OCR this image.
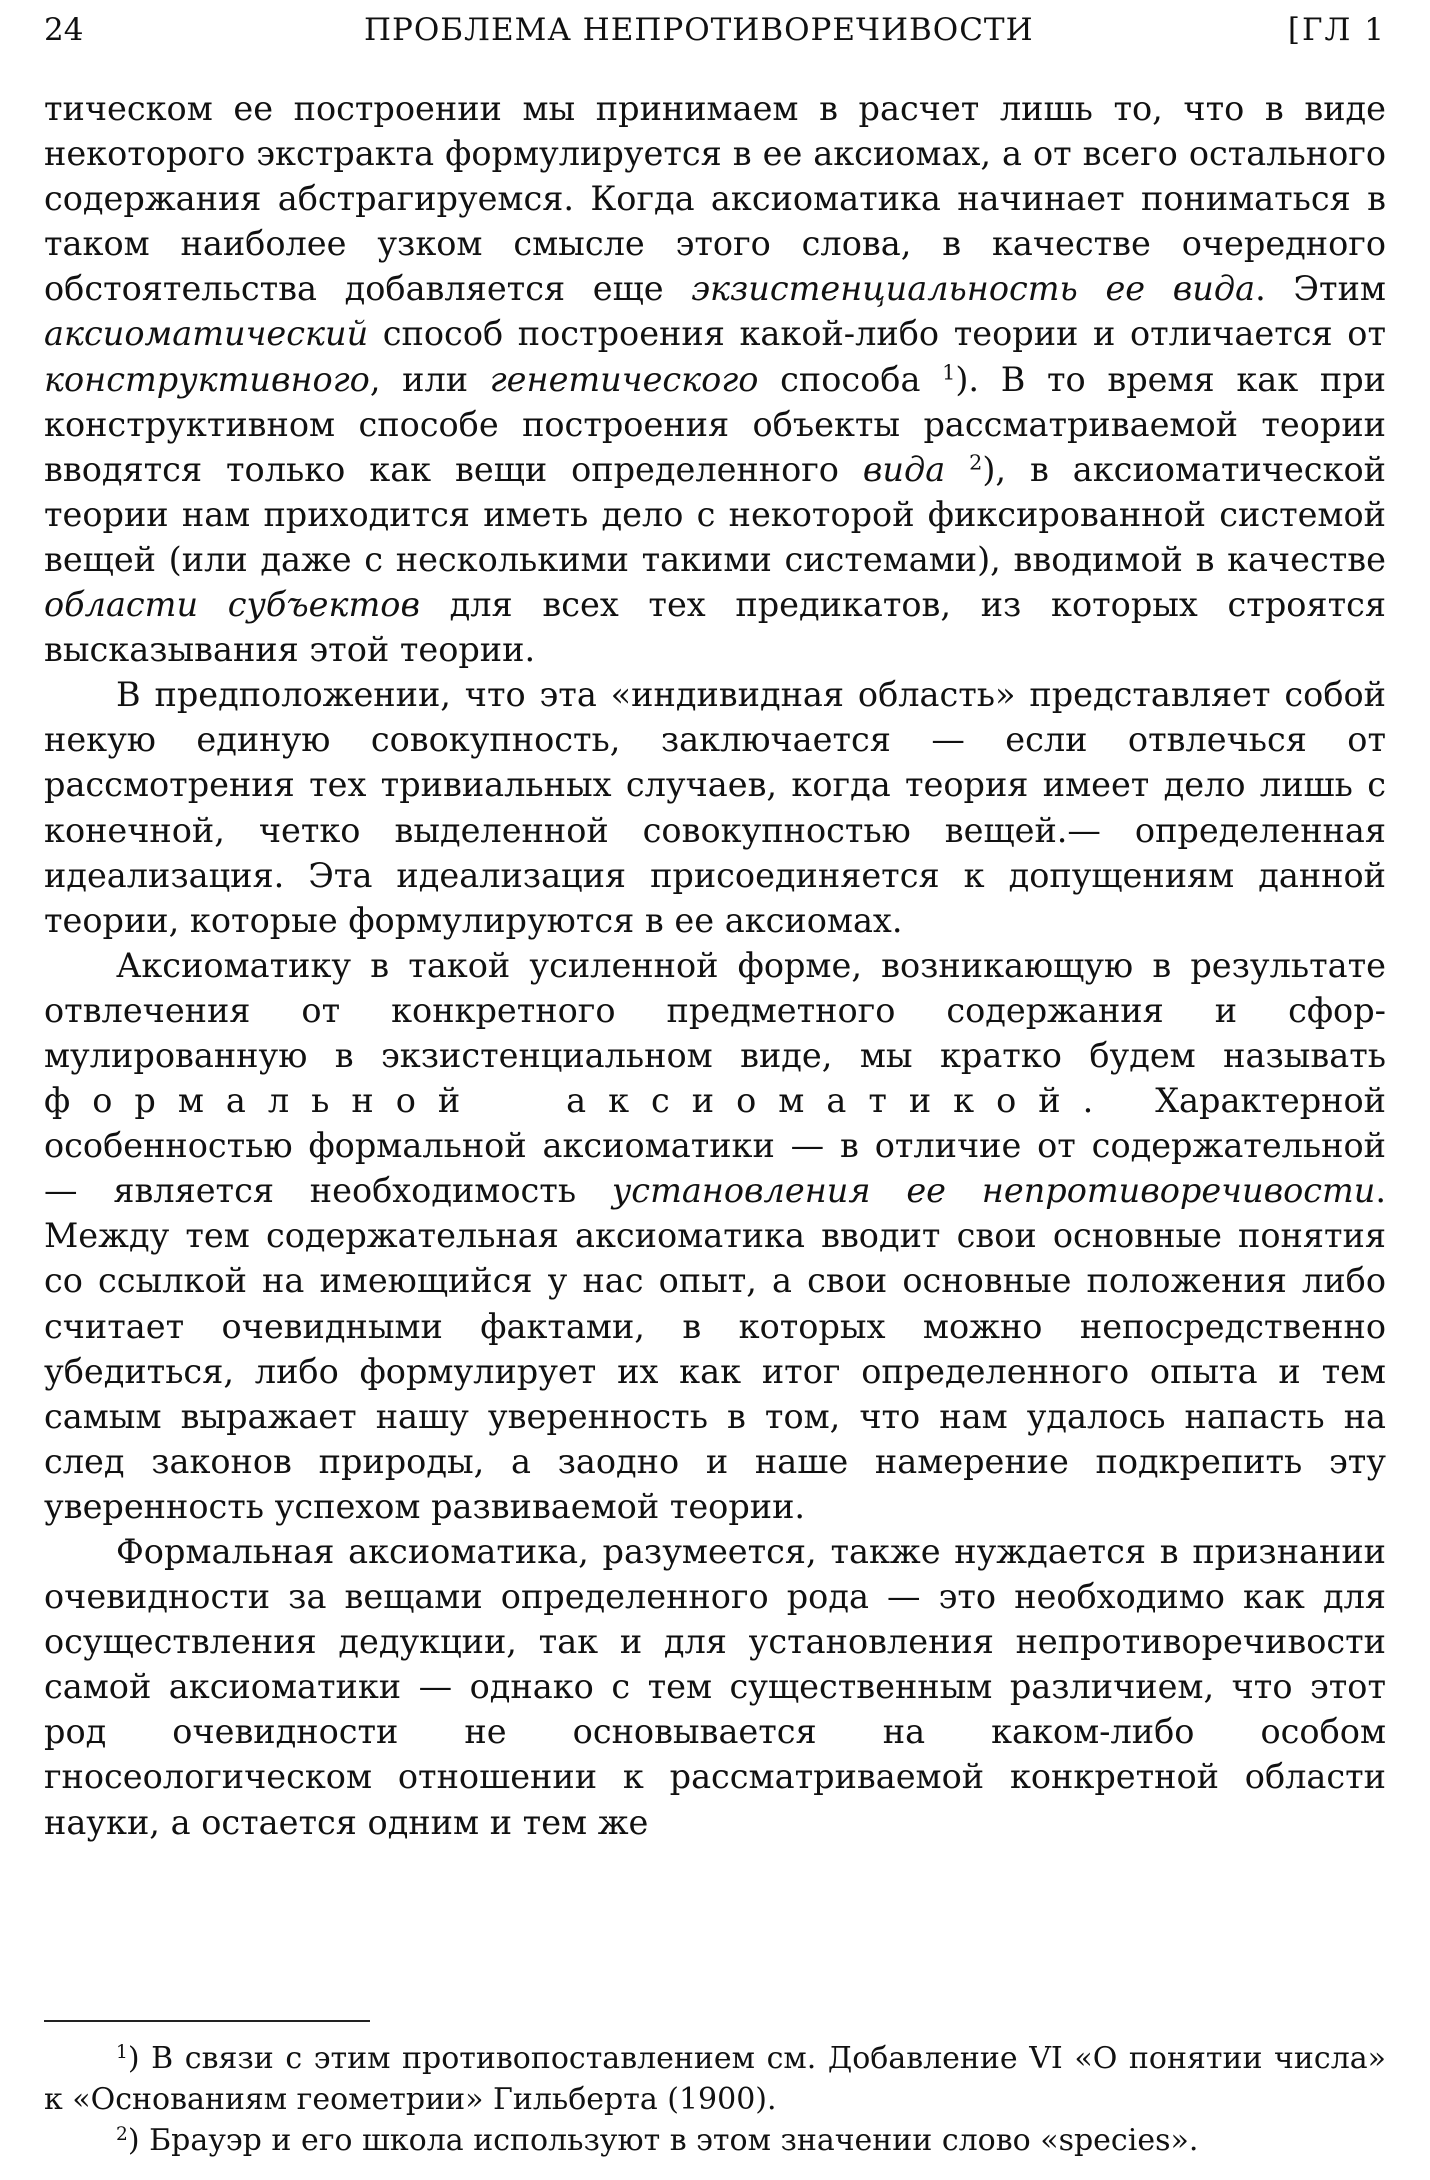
24	ПРОБЛЕМА НЕПРОТИВОРЕЧИВОСТИ	[ГЛ 1

тическом ее построении мы принимаем в расчет лишь то, что в виде некоторого экстракта формулируется в ее аксиомах, а от всего остального содержания абстрагируемся. Когда аксиоматика начинает пониматься в таком наиболее узком смысле этого слова, в качестве очередного обстоятельства добавляется еще экзистенциальность ее вида. Этим аксиоматический способ построения какой-либо теории и отличается от конструктивного, или генетического способа $^1$). В то время как при конструктивном способе построения объекты рассматриваемой теории вводятся только как вещи определенного вида $^2$), в аксиоматической теории нам приходится иметь дело с некоторой фиксированной системой вещей (или даже с несколькими такими системами), вводимой в качестве области субъектов для всех тех предикатов, из которых строятся высказывания этой теории.

В предположении, что эта «индивидная область» представляет собой некую единую совокупность, заключается — если отвлечься от рассмотрения тех тривиальных случаев, когда теория имеет дело лишь с конечной, четко выделенной совокупностью вещей.— определенная идеализация. Эта идеализация присоединяется к допущениям данной теории, которые формулируются в ее аксиомах.

Аксиоматику в такой усиленной форме, возникающую в результате отвлечения от конкретного предметного содержания и сформулированную в экзистенциальном виде, мы кратко будем называть формальной аксиоматикой. Характерной особенностью формальной аксиоматики — в отличие от содержательной — является необходимость установления ее непротиворечивости. Между тем содержательная аксиоматика вводит свои основные понятия со ссылкой на имеющийся у нас опыт, а свои основные положения либо считает очевидными фактами, в которых можно непосредственно убедиться, либо формулирует их как итог определенного опыта и тем самым выражает нашу уверенность в том, что нам удалось напасть на след законов природы, а заодно и наше намерение подкрепить эту уверенность успехом развиваемой теории.

Формальная аксиоматика, разумеется, также нуждается в признании очевидности за вещами определенного рода — это необходимо как для осуществления дедукции, так и для установления непротиворечивости самой аксиоматики — однако с тем существенным различием, что этот род очевидности не основывается на каком-либо особом гносеологическом отношении к рассматриваемой конкретной области науки, а остается одним и тем же

$^1$) В связи с этим противопоставлением см. Добавление VI «О понятии числа» к «Основаниям геометрии» Гильберта (1900).

$^2$) Брауэр и его школа используют в этом значении слово «species».
